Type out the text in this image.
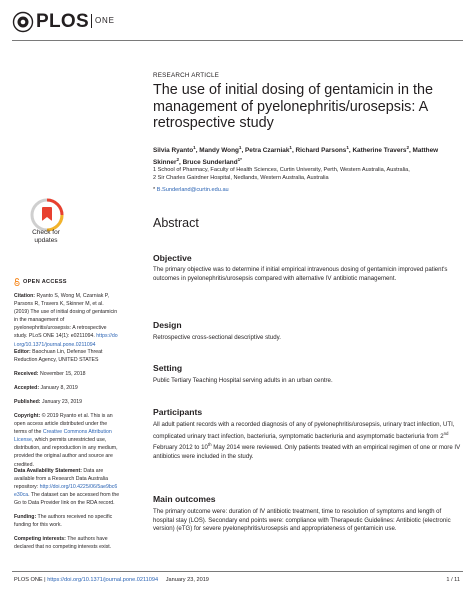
PLOS ONE
Check for
updates
OPEN ACCESS
Citation: Ryanto S, Wong M, Czarniak P, Parsons R, Travers K, Skinner M, et al. (2019) The use of initial dosing of gentamicin in the management of pyelonephritis/urosepsis: A retrospective study. PLoS ONE 14(1): e0211094. https://doi.org/10.1371/journal.pone.0211094
Editor: Baochuan Lin, Defense Threat Reduction Agency, UNITED STATES
Received: November 15, 2018
Accepted: January 8, 2019
Published: January 23, 2019
Copyright: © 2019 Ryanto et al. This is an open access article distributed under the terms of the Creative Commons Attribution License, which permits unrestricted use, distribution, and reproduction in any medium, provided the original author and source are credited.
Data Availability Statement: Data are available from a Research Data Australia repository: http://doi.org/10.4225/06/5ae9bc6e30ca. The dataset can be accessed from the Go to Data Provider link on the RDA record.
Funding: The authors received no specific funding for this work.
Competing interests: The authors have declared that no competing interests exist.
RESEARCH ARTICLE
The use of initial dosing of gentamicin in the management of pyelonephritis/urosepsis: A retrospective study
Silvia Ryanto$^1$, Mandy Wong$^1$, Petra Czarniak$^1$, Richard Parsons$^1$, Katherine Travers$^2$, Matthew Skinner$^2$, Bruce Sunderland$^{1*}$
1 School of Pharmacy, Faculty of Health Sciences, Curtin University, Perth, Western Australia, Australia,
2 Sir Charles Gairdner Hospital, Nedlands, Western Australia, Australia
* B.Sunderland@curtin.edu.au
Abstract
Objective
The primary objective was to determine if initial empirical intravenous dosing of gentamicin improved patient's outcomes in pyelonephritis/urosepsis compared with alternative IV antibiotic management.
Design
Retrospective cross-sectional descriptive study.
Setting
Public Tertiary Teaching Hospital serving adults in an urban centre.
Participants
All adult patient records with a recorded diagnosis of any of pyelonephritis/urosepsis, urinary tract infection, UTI, complicated urinary tract infection, bacteriuria, symptomatic bacteriuria and asymptomatic bacteriuria from 2nd February 2012 to 10th May 2014 were reviewed. Only patients treated with an empirical regimen of one or more IV antibiotics were included in the study.
Main outcomes
The primary outcome were: duration of IV antibiotic treatment, time to resolution of symptoms and length of hospital stay (LOS). Secondary end points were: compliance with Therapeutic Guidelines: Antibiotic (electronic version) (eTG) for severe pyelonephritis/urosepsis and appropriateness of gentamicin use.
PLOS ONE | https://doi.org/10.1371/journal.pone.0211094 January 23, 2019	1 / 11
